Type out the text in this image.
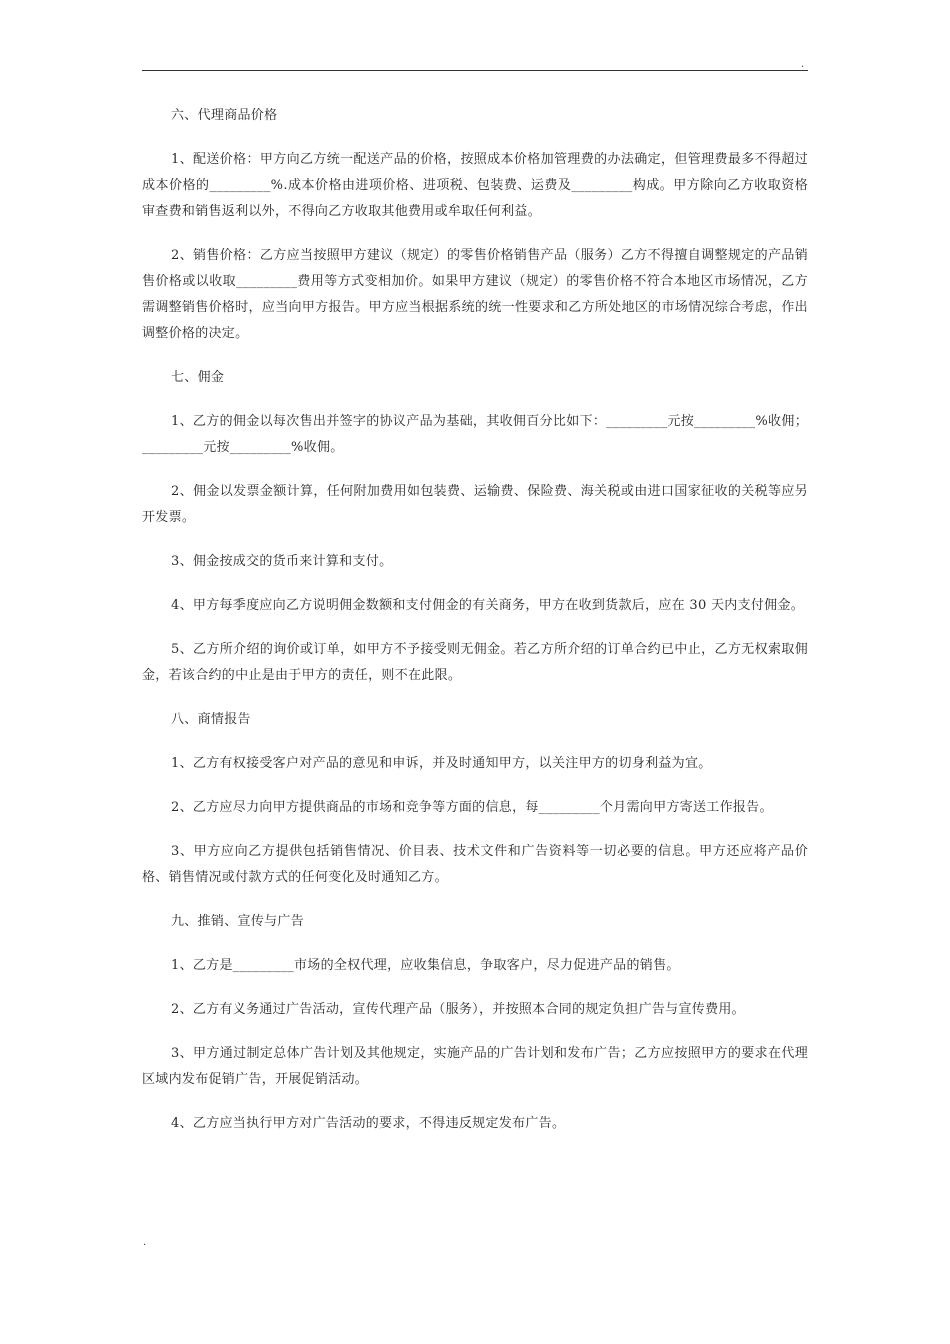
.

六、代理商品价格

1、配送价格：甲方向乙方统一配送产品的价格，按照成本价格加管理费的办法确定，但管理费最多不得超过成本价格的_________%.成本价格由进项价格、进项税、包装费、运费及_________构成。甲方除向乙方收取资格审查费和销售返利以外，不得向乙方收取其他费用或牟取任何利益。

2、销售价格：乙方应当按照甲方建议（规定）的零售价格销售产品（服务）乙方不得擅自调整规定的产品销售价格或以收取_________费用等方式变相加价。如果甲方建议（规定）的零售价格不符合本地区市场情况，乙方需调整销售价格时，应当向甲方报告。甲方应当根据系统的统一性要求和乙方所处地区的市场情况综合考虑，作出调整价格的决定。

七、佣金

1、乙方的佣金以每次售出并签字的协议产品为基础，其收佣百分比如下：_________元按_________%收佣；_________元按_________%收佣。

2、佣金以发票金额计算，任何附加费用如包装费、运输费、保险费、海关税或由进口国家征收的关税等应另开发票。

3、佣金按成交的货币来计算和支付。

4、甲方每季度应向乙方说明佣金数额和支付佣金的有关商务，甲方在收到货款后，应在 30 天内支付佣金。

5、乙方所介绍的询价或订单，如甲方不予接受则无佣金。若乙方所介绍的订单合约已中止，乙方无权索取佣金，若该合约的中止是由于甲方的责任，则不在此限。

八、商情报告

1、乙方有权接受客户对产品的意见和申诉，并及时通知甲方，以关注甲方的切身利益为宜。

2、乙方应尽力向甲方提供商品的市场和竞争等方面的信息，每_________个月需向甲方寄送工作报告。

3、甲方应向乙方提供包括销售情况、价目表、技术文件和广告资料等一切必要的信息。甲方还应将产品价格、销售情况或付款方式的任何变化及时通知乙方。

九、推销、宣传与广告

1、乙方是_________市场的全权代理，应收集信息，争取客户，尽力促进产品的销售。

2、乙方有义务通过广告活动，宣传代理产品（服务），并按照本合同的规定负担广告与宣传费用。

3、甲方通过制定总体广告计划及其他规定，实施产品的广告计划和发布广告；乙方应按照甲方的要求在代理区域内发布促销广告，开展促销活动。

4、乙方应当执行甲方对广告活动的要求，不得违反规定发布广告。

.
